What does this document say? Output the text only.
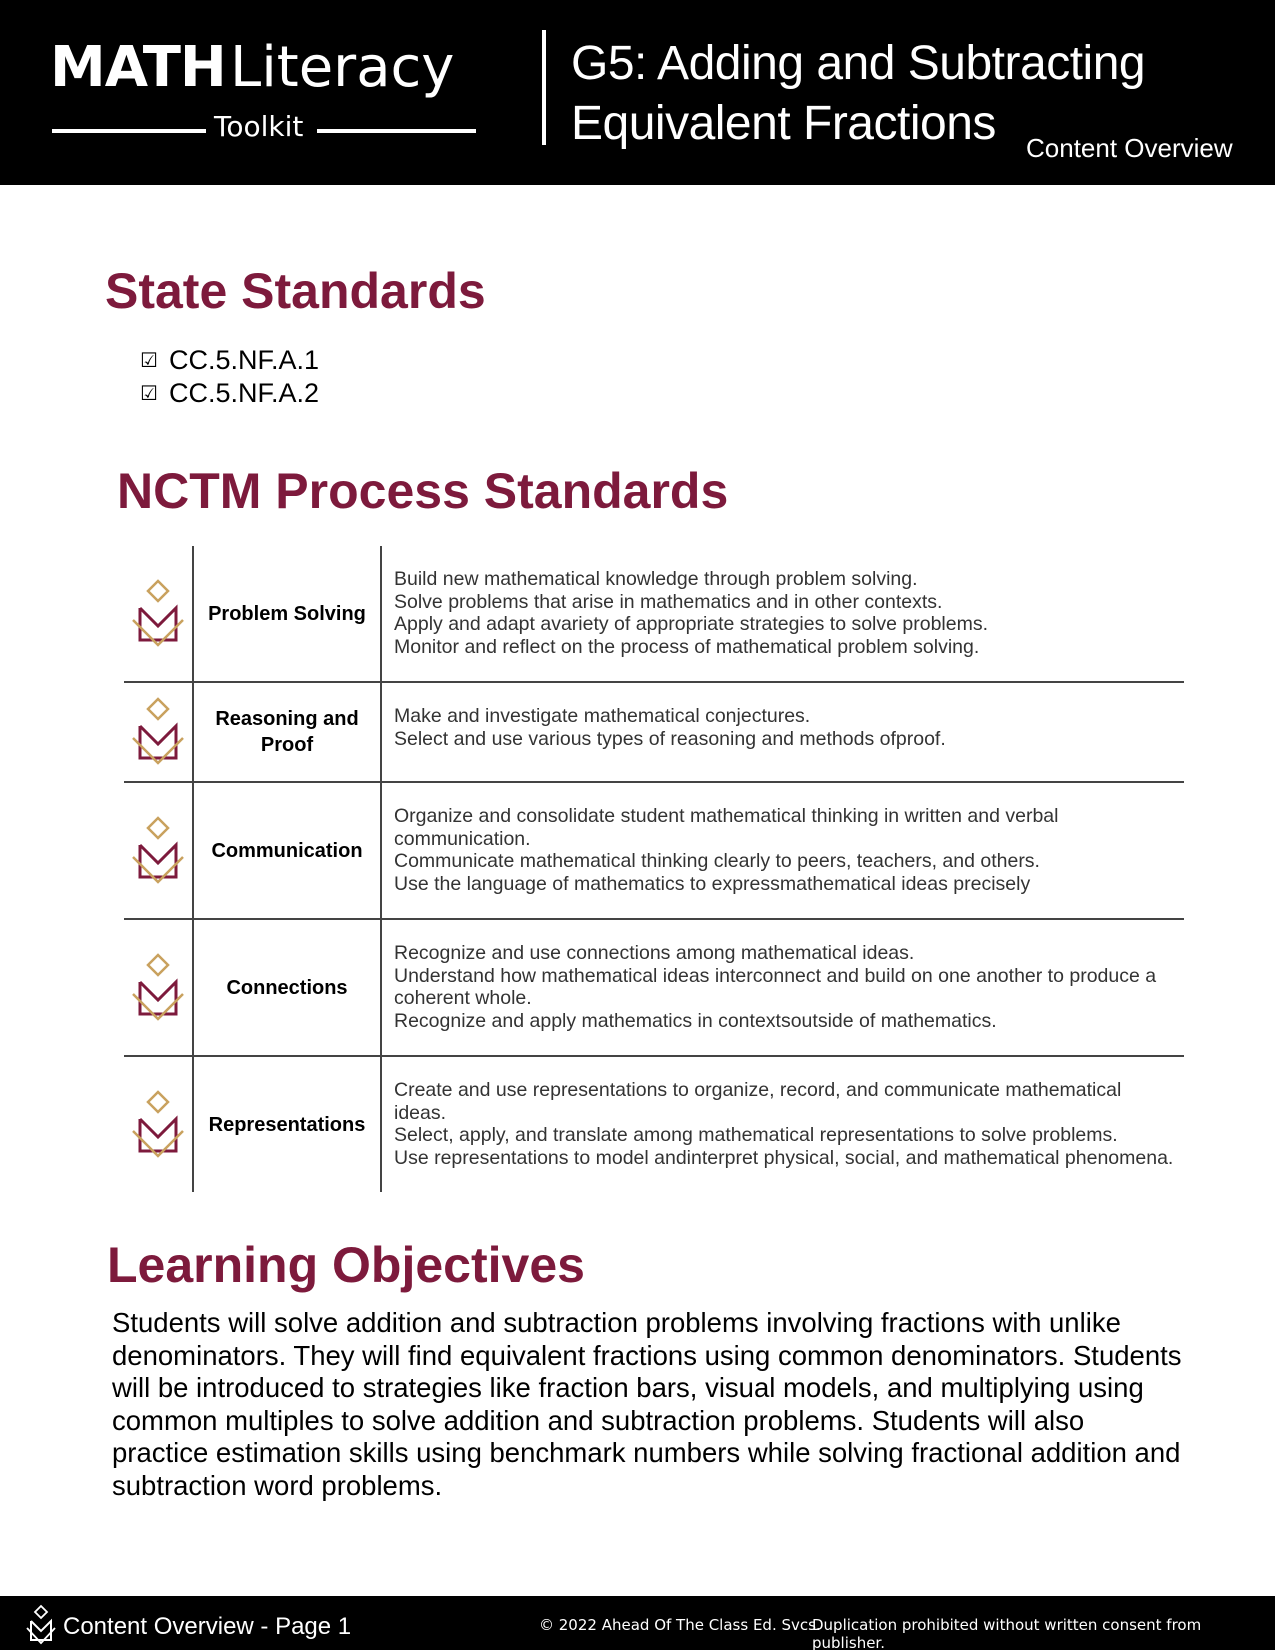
MATH Literacy
Toolkit
G5: Adding and Subtracting
Equivalent Fractions	Content Overview
State Standards
☑ CC.5.NF.A.1
☑ CC.5.NF.A.2
NCTM Process Standards
Problem Solving
Build new mathematical knowledge through problem solving.
Solve problems that arise in mathematics and in other contexts.
Apply and adapt avariety of appropriate strategies to solve problems.
Monitor and reflect on the process of mathematical problem solving.
Reasoning and Proof
Make and investigate mathematical conjectures.
Select and use various types of reasoning and methods ofproof.
Communication
Organize and consolidate student mathematical thinking in written and verbal communication.
Communicate mathematical thinking clearly to peers, teachers, and others.
Use the language of mathematics to expressmathematical ideas precisely
Connections
Recognize and use connections among mathematical ideas.
Understand how mathematical ideas interconnect and build on one another to produce a coherent whole.
Recognize and apply mathematics in contextsoutside of mathematics.
Representations
Create and use representations to organize, record, and communicate mathematical ideas.
Select, apply, and translate among mathematical representations to solve problems.
Use representations to model andinterpret physical, social, and mathematical phenomena.
Learning Objectives
Students will solve addition and subtraction problems involving fractions with unlike denominators. They will find equivalent fractions using common denominators. Students will be introduced to strategies like fraction bars, visual models, and multiplying using common multiples to solve addition and subtraction problems. Students will also practice estimation skills using benchmark numbers while solving fractional addition and subtraction word problems.
Content Overview - Page 1	© 2022 Ahead Of The Class Ed. Svcs.
Duplication prohibited without written consent from publisher.
